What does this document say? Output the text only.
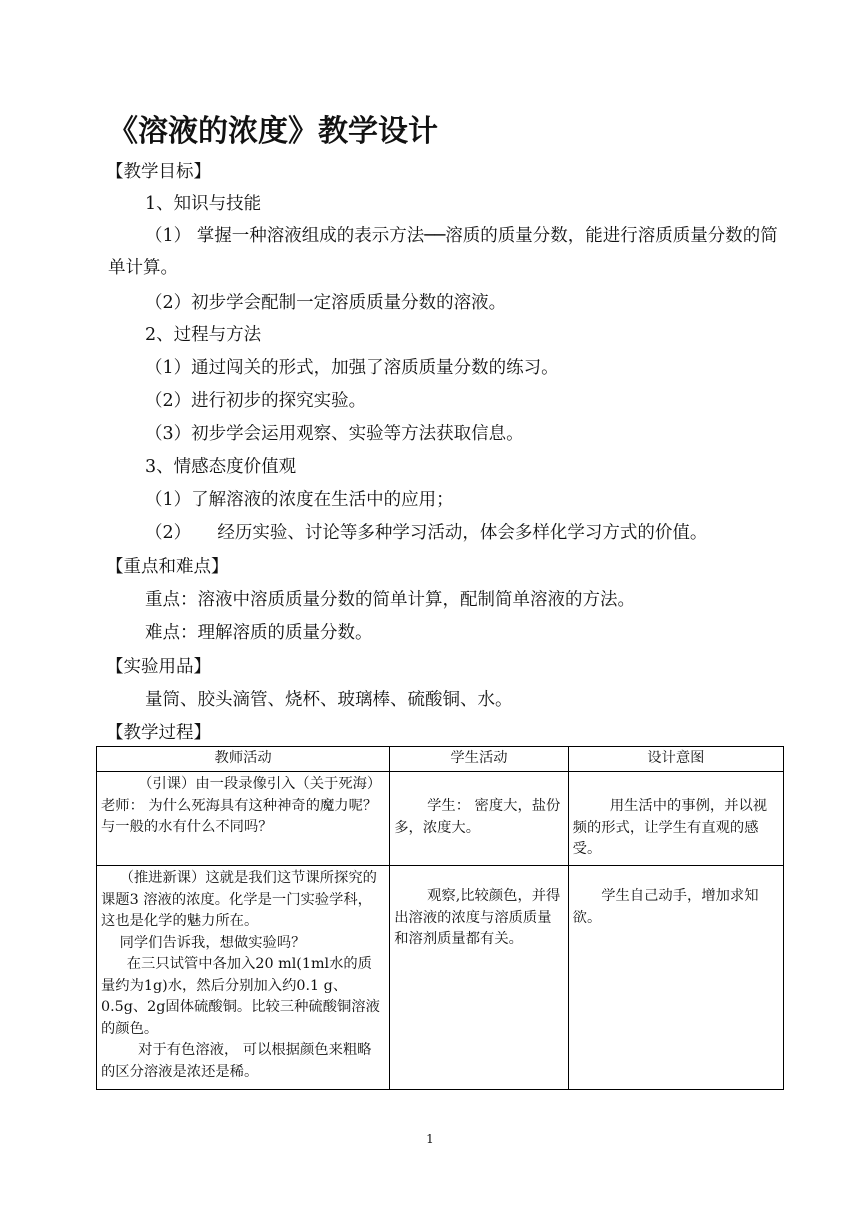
《溶液的浓度》教学设计
【教学目标】
1、知识与技能
（1） 掌握一种溶液组成的表示方法──溶质的质量分数，能进行溶质质量分数的简单计算。
（2）初步学会配制一定溶质质量分数的溶液。
2、过程与方法
（1）通过闯关的形式，加强了溶质质量分数的练习。
（2）进行初步的探究实验。
（3）初步学会运用观察、实验等方法获取信息。
3、情感态度价值观
（1）了解溶液的浓度在生活中的应用；
（2）　　经历实验、讨论等多种学习活动，体会多样化学习方式的价值。
【重点和难点】
重点：溶液中溶质质量分数的简单计算，配制简单溶液的方法。
难点：理解溶质的质量分数。
【实验用品】
量筒、胶头滴管、烧杯、玻璃棒、硫酸铜、水。
【教学过程】
教师活动	学生活动	设计意图

（引课）由一段录像引入（关于死海） 老师： 为什么死海具有这种神奇的魔力呢？与一般的水有什么不同吗？	学生： 密度大，盐份多，浓度大。	用生活中的事例，并以视频的形式，让学生有直观的感受。

（推进新课）这就是我们这节课所探究的课题3 溶液的浓度。化学是一门实验学科，这也是化学的魅力所在。

同学们告诉我，想做实验吗？

在三只试管中各加入20 ml(1ml水的质量约为1g)水，然后分别加入约0.1 g、0.5g、2g固体硫酸铜。比较三种硫酸铜溶液的颜色。

对于有色溶液， 可以根据颜色来粗略的区分溶液是浓还是稀。	观察,比较颜色，并得出溶液的浓度与溶质质量和溶剂质量都有关。	学生自己动手，增加求知欲。

1
